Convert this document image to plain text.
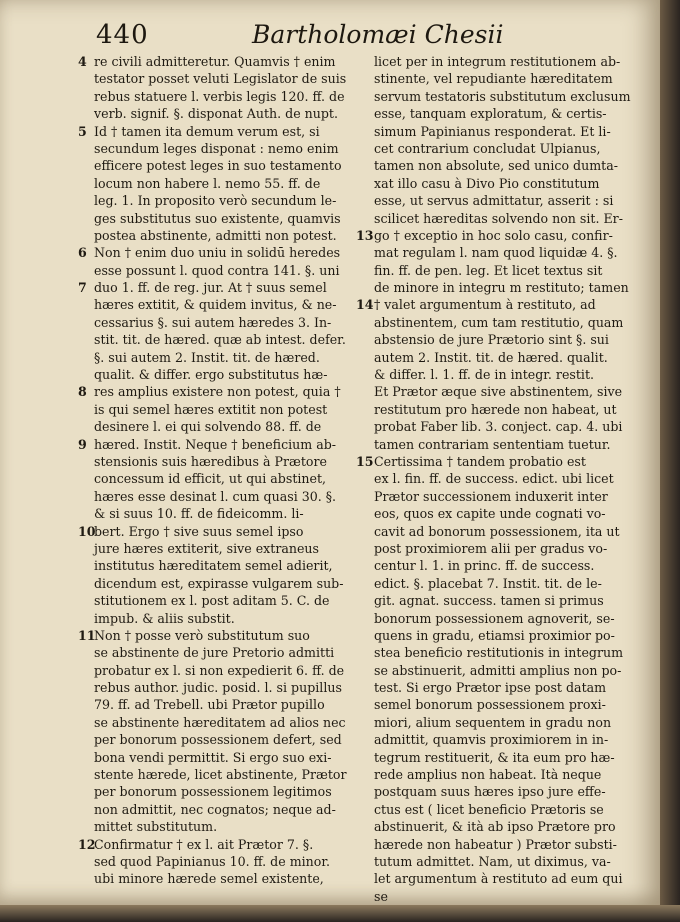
440	Bartholomæi Chesii
4 re civili admitteretur. Quamvis † enim
testator posset veluti Legislator de suis
rebus statuere l. verbis legis 120. ff. de
verb. signif. §. disponat Auth. de nupt.
5 Id † tamen ita demum verum est, si
secundum leges disponat : nemo enim
efficere potest leges in suo testamento
locum non habere l. nemo 55. ff. de
leg. 1. In proposito verò secundum le-
ges substitutus suo existente, quamvis
postea abstinente, admitti non potest.
6 Non † enim duo uniu in solidū heredes
esse possunt l. quod contra 141. §. uni
7 duo 1. ff. de reg. jur. At † suus semel
hæres extitit, & quidem invitus, & ne-
cessarius §. sui autem hæredes 3. In-
stit. tit. de hæred. quæ ab intest. defer.
§. sui autem 2. Instit. tit. de hæred.
qualit. & differ. ergo substitutus hæ-
8 res amplius existere non potest, quia †
is qui semel hæres extitit non potest
desinere l. ei qui solvendo 88. ff. de
9 hæred. Instit. Neque † beneficium ab-
stensionis suis hæredibus à Prætore
concessum id efficit, ut qui abstinet,
hæres esse desinat l. cum quasi 30. §.
& si suus 10. ff. de fideicomm. li-
10
bert. Ergo † sive suus semel ipso
jure hæres extiterit, sive extraneus
institutus hæreditatem semel adierit,
dicendum est, expirasse vulgarem sub-
stitutionem ex l. post aditam 5. C. de
impub. & aliis substit.
11
Non † posse verò substitutum suo
se abstinente de jure Pretorio admitti
probatur ex l. si non expedierit 6. ff. de
rebus author. judic. posid. l. si pupillus
79. ff. ad Trebell. ubi Prætor pupillo
se abstinente hæreditatem ad alios nec
per bonorum possessionem defert, sed
bona vendi permittit. Si ergo suo exi-
stente hærede, licet abstinente, Prætor
per bonorum possessionem legitimos
non admittit, nec cognatos; neque ad-
mittet substitutum.
12
Confirmatur † ex l. ait Prætor 7. §.
sed quod Papinianus 10. ff. de minor.
ubi minore hærede semel existente,
licet per in integrum restitutionem ab-
stinente, vel repudiante hæreditatem
servum testatoris substitutum exclusum
esse, tanquam exploratum, & certis-
simum Papinianus responderat. Et li-
cet contrarium concludat Ulpianus,
tamen non absolute, sed unico dumta-
xat illo casu à Divo Pio constitutum
esse, ut servus admittatur, asserit : si
scilicet hæreditas solvendo non sit. Er-
13 go † exceptio in hoc solo casu, confir-
mat regulam l. nam quod liquidæ 4. §.
fin. ff. de pen. leg. Et licet textus sit
de minore in integru m restituto; tamen
14 † valet argumentum à restituto, ad
abstinentem, cum tam restitutio, quam
abstensio de jure Prætorio sint §. sui
autem 2. Instit. tit. de hæred. qualit.
& differ. l. 1. ff. de in integr. restit.
Et Prætor æque sive abstinentem, sive
restitutum pro hærede non habeat, ut
probat Faber lib. 3. conject. cap. 4. ubi
tamen contrariam sententiam tuetur.
15 Certissima † tandem probatio est
ex l. fin. ff. de success. edict. ubi licet
Prætor successionem induxerit inter
eos, quos ex capite unde cognati vo-
cavit ad bonorum possessionem, ita ut
post proximiorem alii per gradus vo-
centur l. 1. in princ. ff. de success.
edict. §. placebat 7. Instit. tit. de le-
git. agnat. success. tamen si primus
bonorum possessionem agnoverit, se-
quens in gradu, etiamsi proximior po-
stea beneficio restitutionis in integrum
se abstinuerit, admitti amplius non po-
test. Si ergo Prætor ipse post datam
semel bonorum possessionem proxi-
miori, alium sequentem in gradu non
admittit, quamvis proximiorem in in-
tegrum restituerit, & ita eum pro hæ-
rede amplius non habeat. Ità neque
postquam suus hæres ipso jure effe-
ctus est ( licet beneficio Prætoris se
abstinuerit, & ità ab ipso Prætore pro
hærede non habeatur ) Prætor substi-
tutum admittet. Nam, ut diximus, va-
let argumentum à restituto ad eum qui
se
